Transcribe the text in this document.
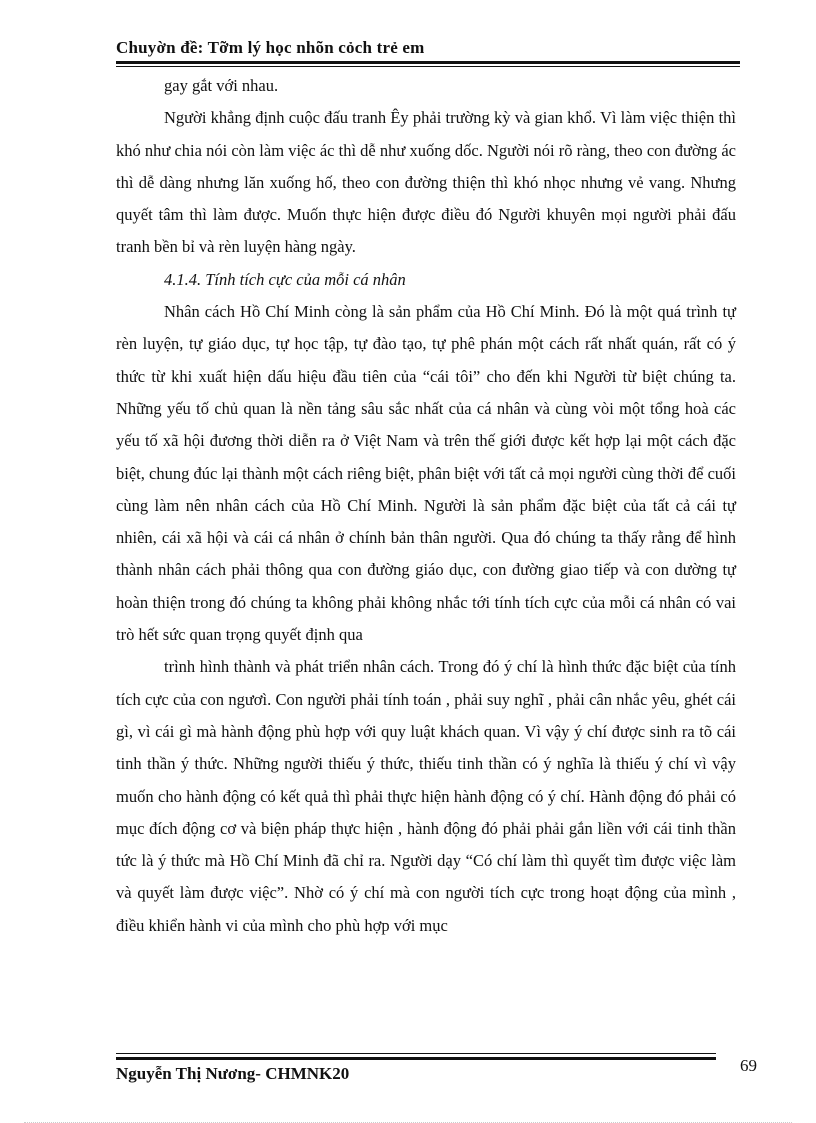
Chuyờn đề: Tỡm lý học nhõn cỏch trẻ em

gay gắt với nhau.

Người khẳng định cuộc đấu tranh Êy phải trường kỳ và gian khổ. Vì làm việc thiện thì khó như chia nói còn làm việc ác thì dễ như xuống dốc. Người nói rõ ràng, theo con đường ác thì dễ dàng nhưng lăn xuống hố, theo con đường thiện thì khó nhọc nhưng vẻ vang. Nhưng quyết tâm thì làm được. Muốn thực hiện được điều đó Người khuyên mọi người phải đấu tranh bền bỉ và rèn luyện hàng ngày.

4.1.4. Tính tích cực của mỗi cá nhân

Nhân cách Hồ Chí Minh còng là sản phẩm của Hồ Chí Minh. Đó là một quá trình tự rèn luyện, tự giáo dục, tự học tập, tự đào tạo, tự phê phán một cách rất nhất quán, rất có ý thức từ khi xuất hiện dấu hiệu đầu tiên của “cái tôi” cho đến khi Người từ biệt chúng ta. Những yếu tố chủ quan là nền tảng sâu sắc nhất của cá nhân và cùng vòi một tổng hoà các yếu tố xã hội đương thời diễn ra ở Việt Nam và trên thế giới được kết hợp lại một cách đặc biệt, chung đúc lại thành một cách riêng biệt, phân biệt với tất cả mọi người cùng thời để cuối cùng làm nên nhân cách của Hồ Chí Minh. Người là sản phẩm đặc biệt của tất cả cái tự nhiên, cái xã hội và cái cá nhân ở chính bản thân người. Qua đó chúng ta thấy rằng để hình thành nhân cách phải thông qua con đường giáo dục, con đường giao tiếp và con dường tự hoàn thiện trong đó chúng ta không phải không nhắc tới tính tích cực của mỗi cá nhân có vai trò hết sức quan trọng quyết định qua

trình hình thành và phát triển nhân cách. Trong đó ý chí là hình thức đặc biệt của tính tích cực của con ngươì. Con người phải tính toán , phải suy nghĩ , phải cân nhắc yêu, ghét cái gì, vì cái gì mà hành động phù hợp với quy luật khách quan. Vì vậy ý chí được sinh ra tõ cái tinh thần ý thức. Những người thiếu ý thức, thiếu tinh thần có ý nghĩa là thiếu ý chí vì vậy muốn cho hành động có kết quả thì phải thực hiện hành động có ý chí. Hành động đó phải có mục đích động cơ và biện pháp thực hiện , hành động đó phải phải gắn liền với cái tinh thần tức là ý thức mà Hồ Chí Minh đã chỉ ra. Người dạy “Có chí làm thì quyết tìm được việc làm và quyết làm được việc”. Nhờ có ý chí mà con người tích cực trong hoạt động của mình , điều khiển hành vi của mình cho phù hợp với mục

Nguyễn Thị Nương- CHMNK20	69
